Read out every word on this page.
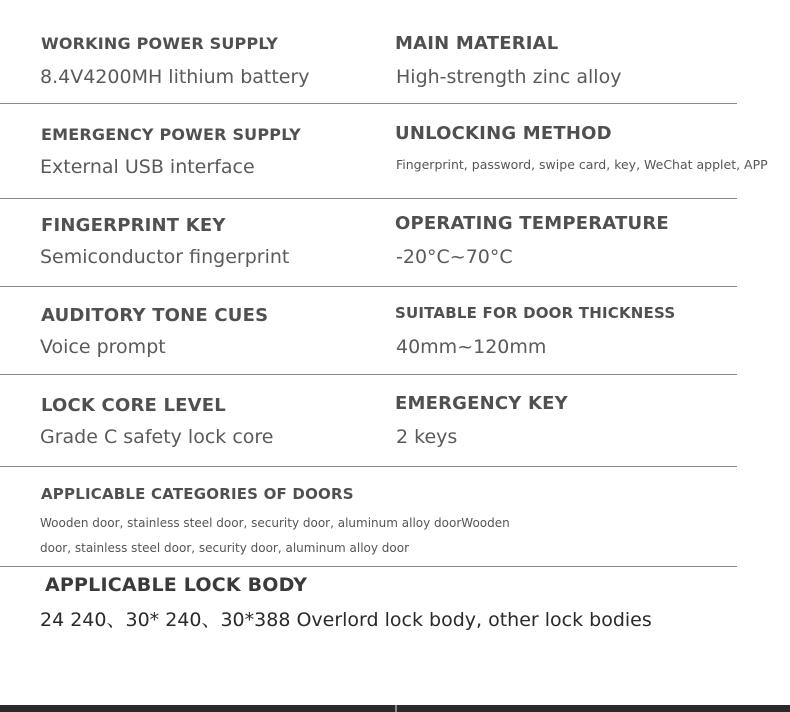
WORKING POWER SUPPLY
8.4V4200MH lithium battery
MAIN MATERIAL
High-strength zinc alloy
EMERGENCY POWER SUPPLY
External USB interface
UNLOCKING METHOD
Fingerprint, password, swipe card, key, WeChat applet, APP
FINGERPRINT KEY
Semiconductor fingerprint
OPERATING TEMPERATURE
-20°C~70°C
AUDITORY TONE CUES
Voice prompt
SUITABLE FOR DOOR THICKNESS
40mm~120mm
LOCK CORE LEVEL
Grade C safety lock core
EMERGENCY KEY
2 keys
APPLICABLE CATEGORIES OF DOORS
Wooden door, stainless steel door, security door, aluminum alloy doorWooden
door, stainless steel door, security door, aluminum alloy door
APPLICABLE LOCK BODY
24 240、30* 240、30*388 Overlord lock body, other lock bodies
